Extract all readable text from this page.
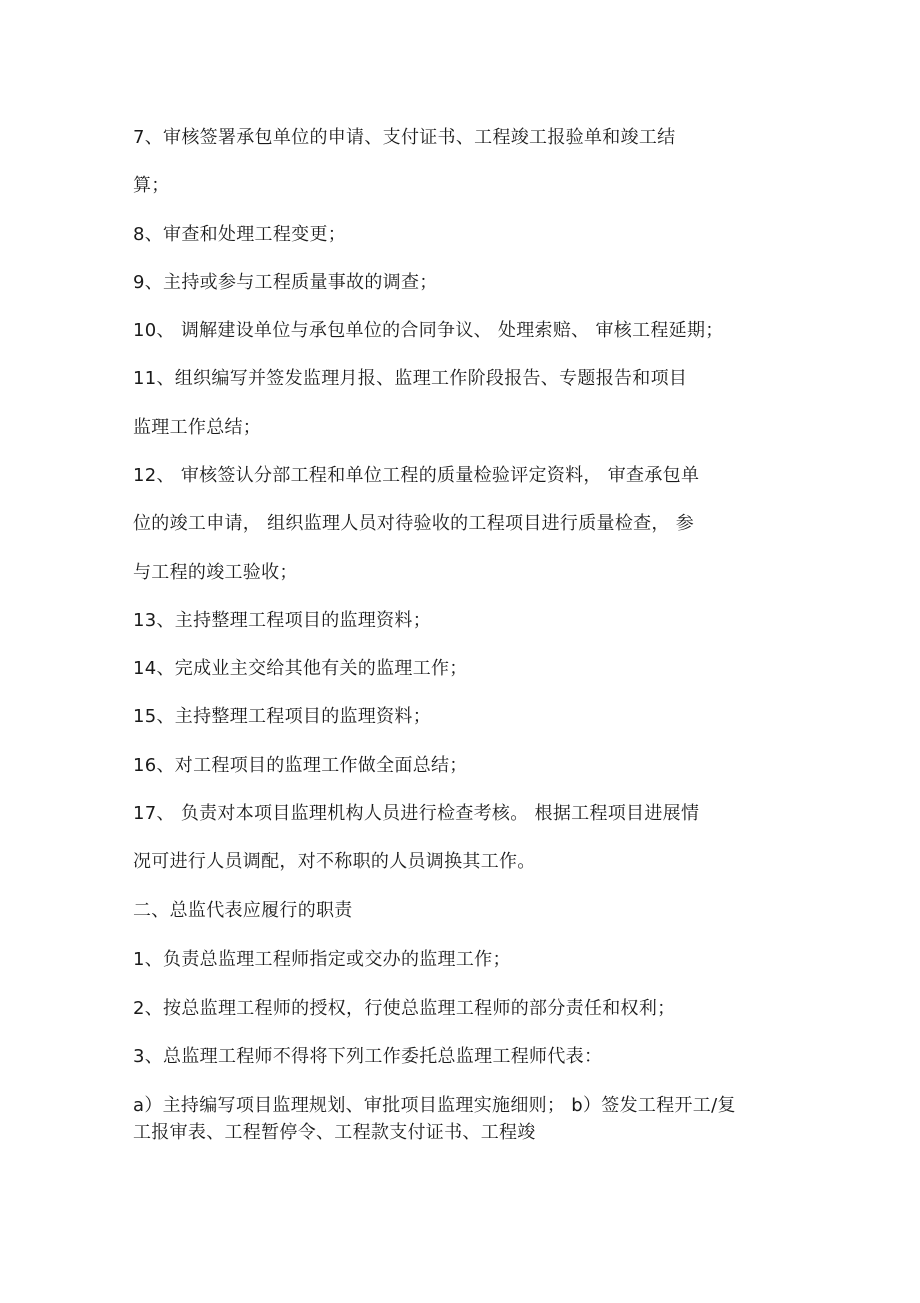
7、审核签署承包单位的申请、支付证书、工程竣工报验单和竣工结
算；
8、审查和处理工程变更；
9、主持或参与工程质量事故的调查；
10、 调解建设单位与承包单位的合同争议、 处理索赔、 审核工程延期；
11、组织编写并签发监理月报、监理工作阶段报告、专题报告和项目
监理工作总结；
12、 审核签认分部工程和单位工程的质量检验评定资料， 审查承包单
位的竣工申请， 组织监理人员对待验收的工程项目进行质量检查， 参
与工程的竣工验收；
13、主持整理工程项目的监理资料；
14、完成业主交给其他有关的监理工作；
15、主持整理工程项目的监理资料；
16、对工程项目的监理工作做全面总结；
17、 负责对本项目监理机构人员进行检查考核。 根据工程项目进展情
况可进行人员调配，对不称职的人员调换其工作。
二、总监代表应履行的职责
1、负责总监理工程师指定或交办的监理工作；
2、按总监理工程师的授权，行使总监理工程师的部分责任和权利；
3、总监理工程师不得将下列工作委托总监理工程师代表：
a）主持编写项目监理规划、审批项目监理实施细则； b）签发工程开工/复
工报审表、工程暂停令、工程款支付证书、工程竣
